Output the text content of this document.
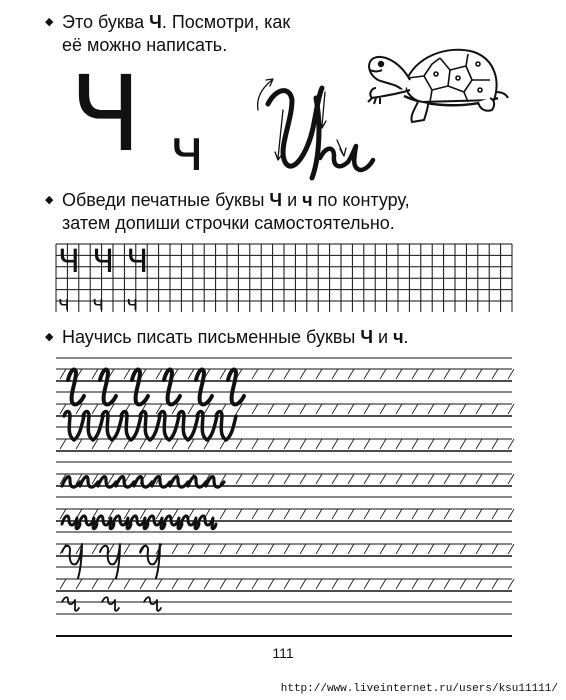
◆ Это буква Ч. Посмотри, как
её можно написать.
◆ Обведи печатные буквы Ч и ч по контуру,
затем допиши строчки самостоятельно.
◆ Научись писать письменные буквы Ч и ч.
Ч ч
Ч Ч Ч
ч ч ч
111
http://www.liveinternet.ru/users/ksu11111/
